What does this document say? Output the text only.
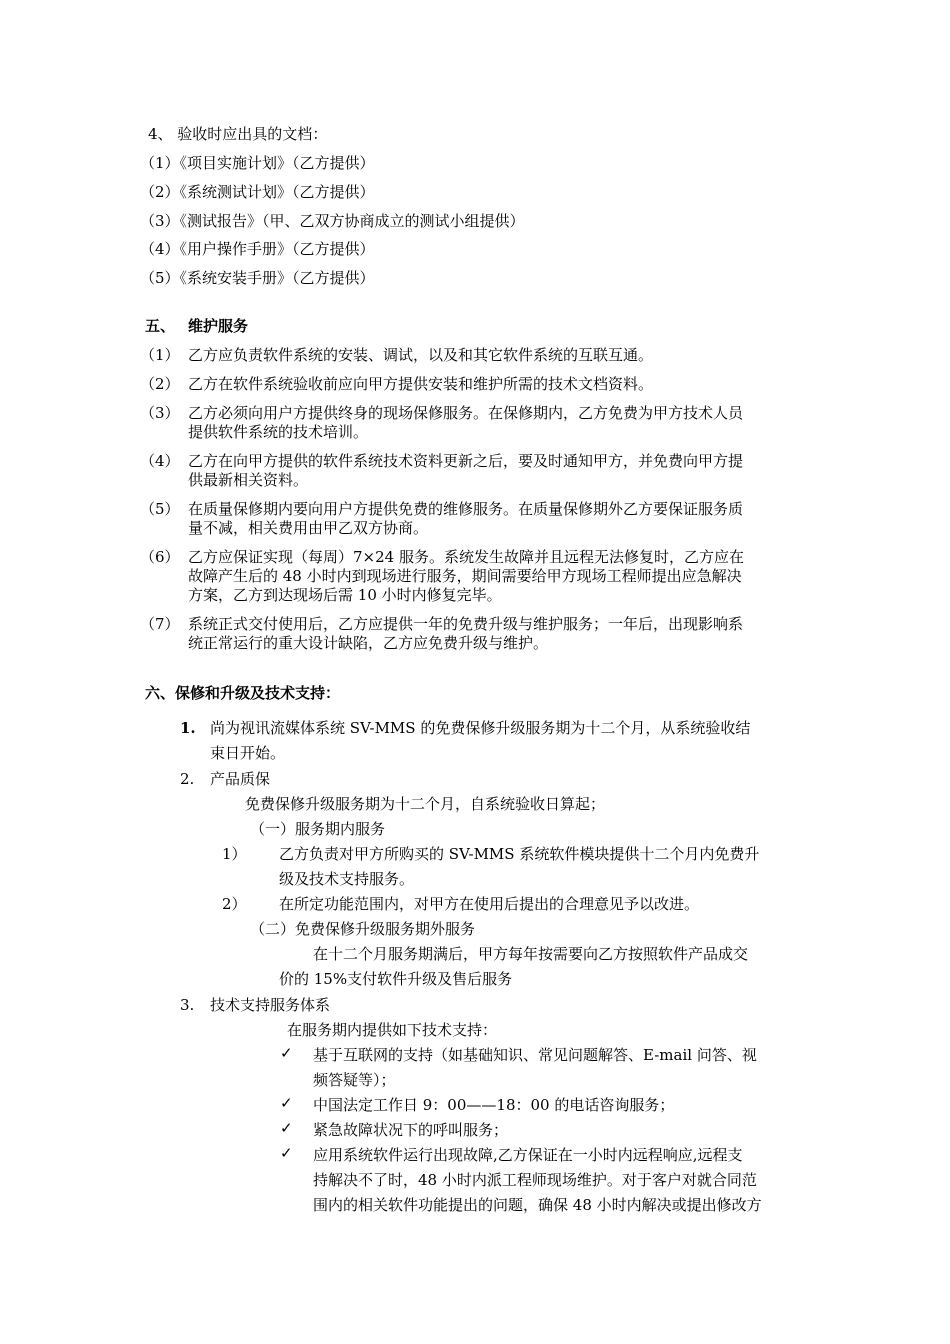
4、 验收时应出具的文档：
（1）《项目实施计划》（乙方提供）
（2）《系统测试计划》（乙方提供）
（3）《测试报告》（甲、乙双方协商成立的测试小组提供）
（4）《用户操作手册》（乙方提供）
（5）《系统安装手册》（乙方提供）
五、 维护服务
（1） 乙方应负责软件系统的安装、调试，以及和其它软件系统的互联互通。
（2） 乙方在软件系统验收前应向甲方提供安装和维护所需的技术文档资料。
（3） 乙方必须向用户方提供终身的现场保修服务。在保修期内，乙方免费为甲方技术人员
提供软件系统的技术培训。
（4） 乙方在向甲方提供的软件系统技术资料更新之后，要及时通知甲方，并免费向甲方提
供最新相关资料。
（5） 在质量保修期内要向用户方提供免费的维修服务。在质量保修期外乙方要保证服务质
量不减，相关费用由甲乙双方协商。
（6） 乙方应保证实现（每周）7×24 服务。系统发生故障并且远程无法修复时，乙方应在
故障产生后的 48 小时内到现场进行服务，期间需要给甲方现场工程师提出应急解决
方案，乙方到达现场后需 10 小时内修复完毕。
（7） 系统正式交付使用后，乙方应提供一年的免费升级与维护服务；一年后，出现影响系
统正常运行的重大设计缺陷，乙方应免费升级与维护。
六、保修和升级及技术支持：
1. 尚为视讯流媒体系统 SV-MMS 的免费保修升级服务期为十二个月，从系统验收结
束日开始。
2. 产品质保
免费保修升级服务期为十二个月，自系统验收日算起；
（一）服务期内服务
1） 乙方负责对甲方所购买的 SV-MMS 系统软件模块提供十二个月内免费升
级及技术支持服务。
2） 在所定功能范围内，对甲方在使用后提出的合理意见予以改进。
（二）免费保修升级服务期外服务
在十二个月服务期满后，甲方每年按需要向乙方按照软件产品成交
价的 15%支付软件升级及售后服务
3. 技术支持服务体系
在服务期内提供如下技术支持：
✓ 基于互联网的支持（如基础知识、常见问题解答、E-mail 问答、视
频答疑等）；
✓ 中国法定工作日 9：00——18：00 的电话咨询服务；
✓ 紧急故障状况下的呼叫服务；
✓ 应用系统软件运行出现故障,乙方保证在一小时内远程响应,远程支
持解决不了时，48 小时内派工程师现场维护。对于客户对就合同范
围内的相关软件功能提出的问题，确保 48 小时内解决或提出修改方
